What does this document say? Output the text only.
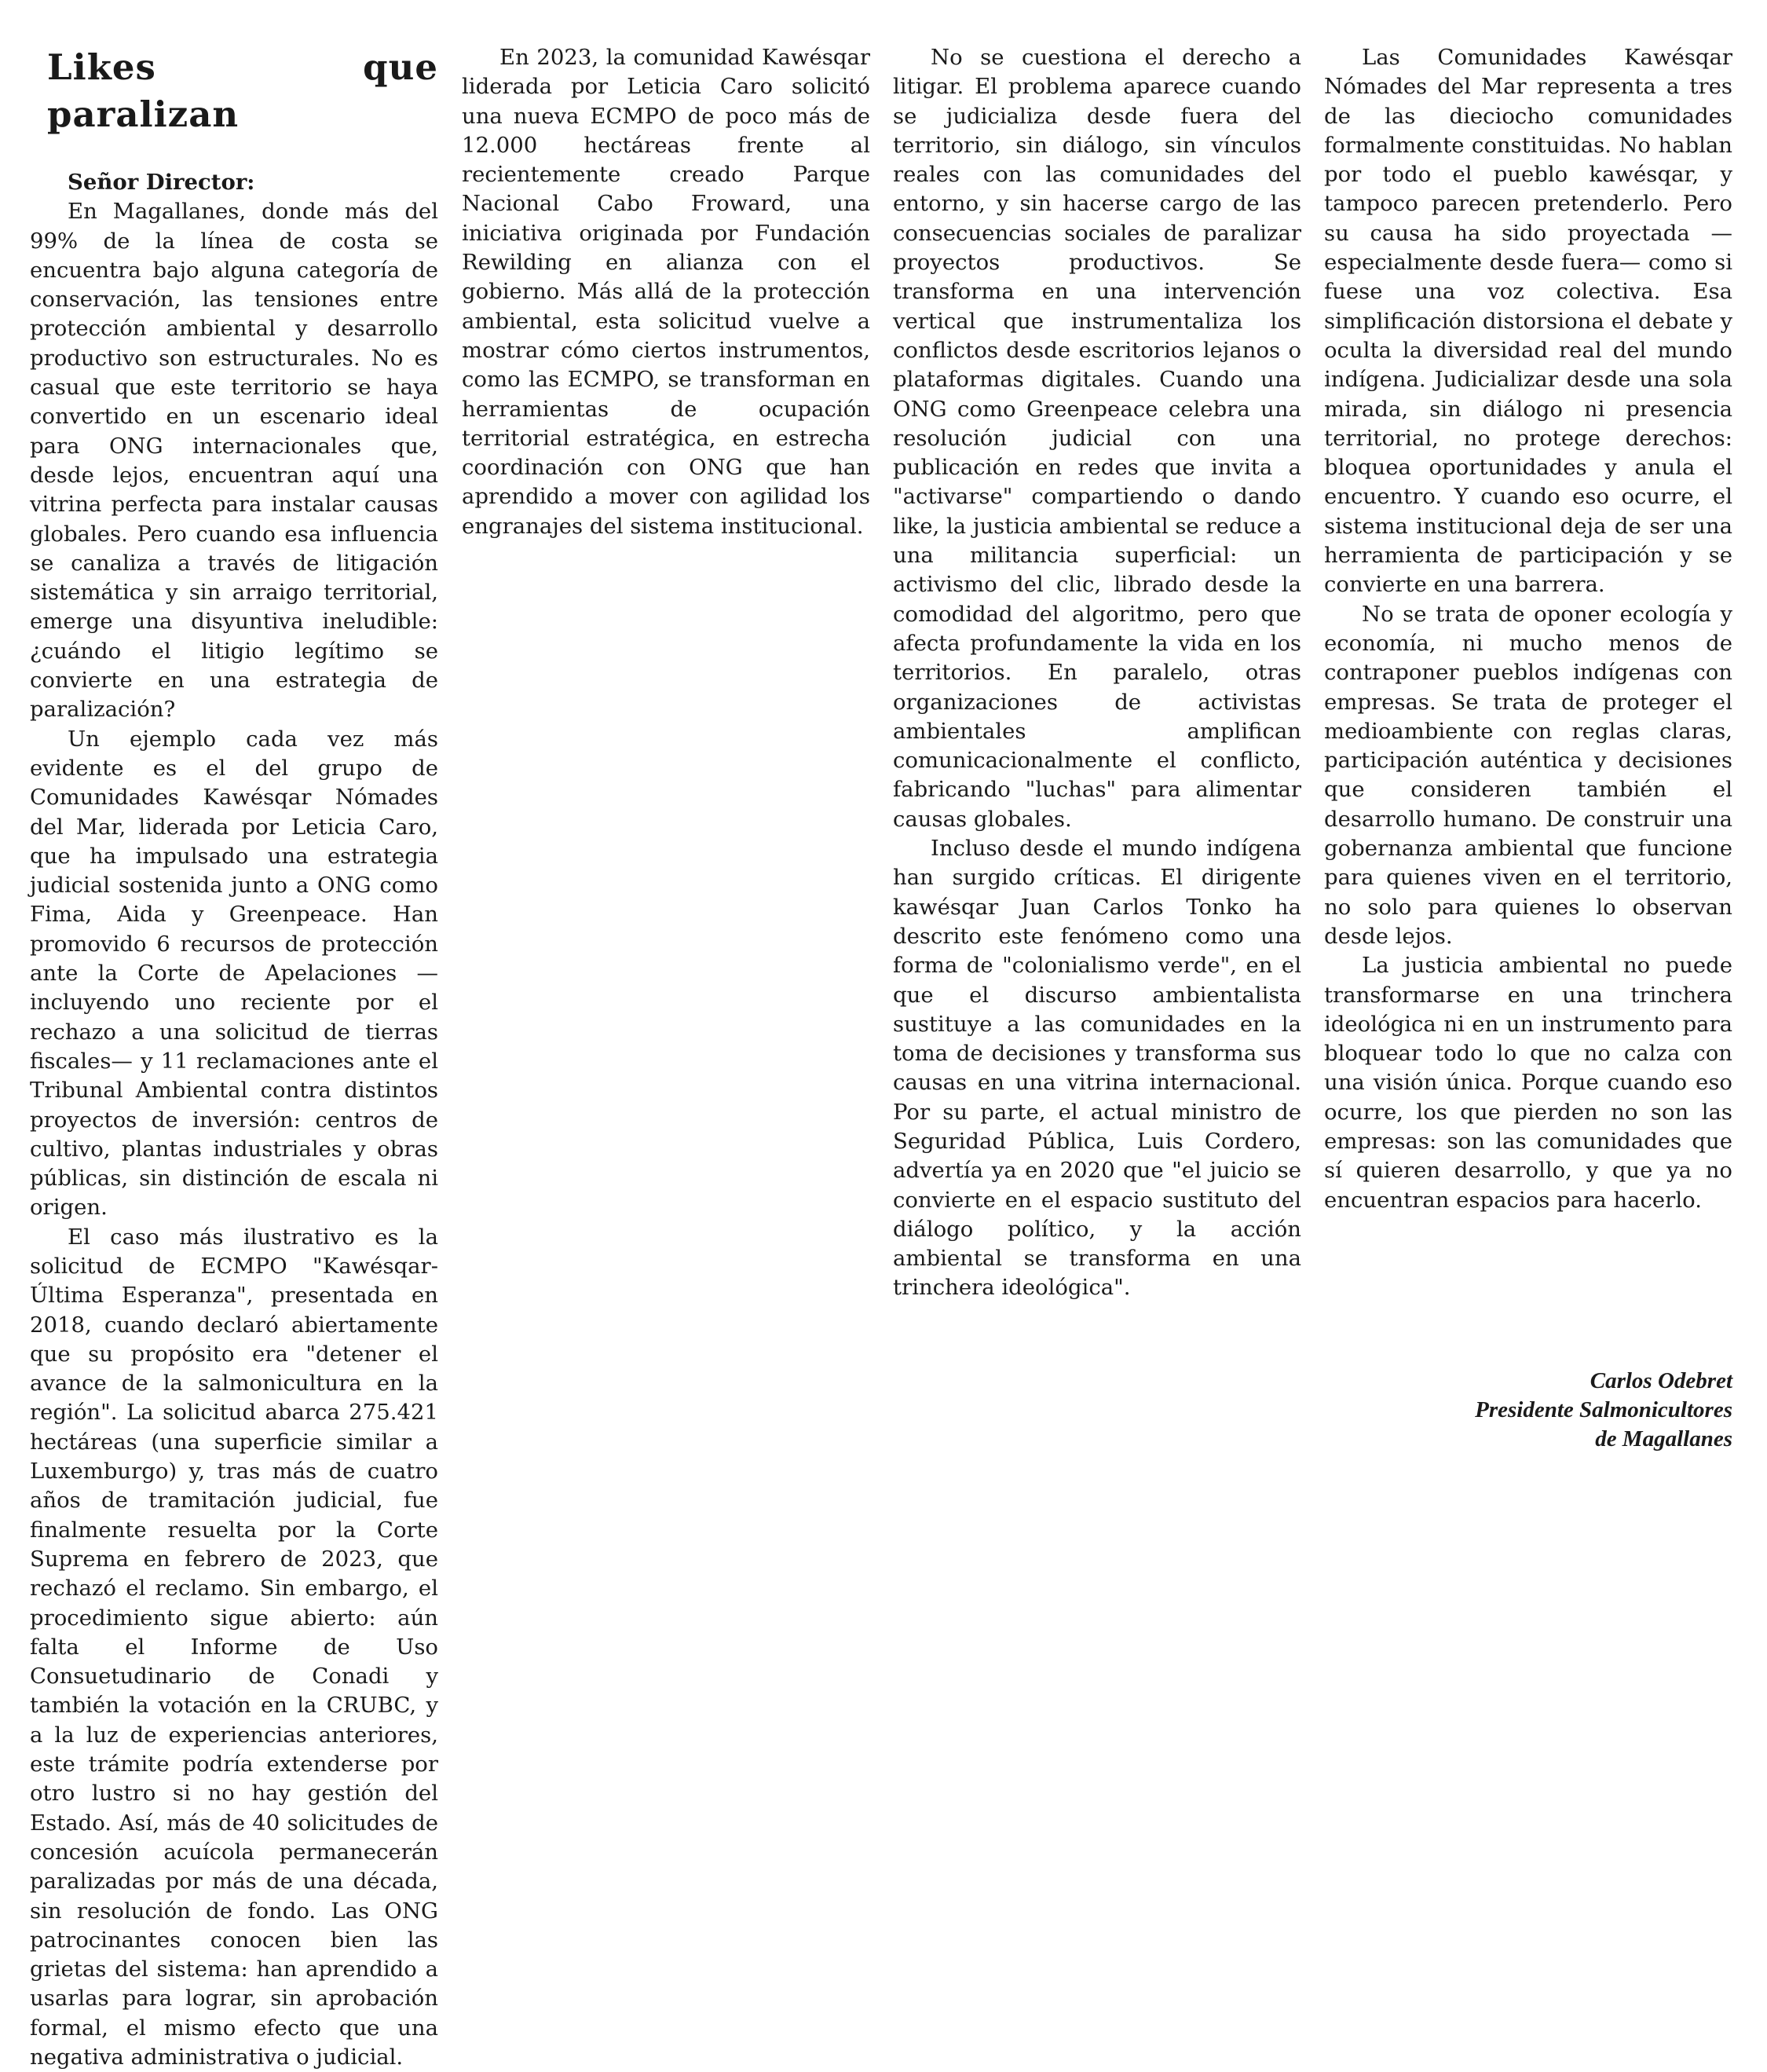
Likes que paralizan

Señor Director:

En Magallanes, donde más del 99% de la línea de costa se encuentra bajo alguna categoría de conservación, las tensiones entre protección ambiental y desarrollo productivo son estructurales. No es casual que este territorio se haya convertido en un escenario ideal para ONG internacionales que, desde lejos, encuentran aquí una vitrina perfecta para instalar causas globales. Pero cuando esa influencia se canaliza a través de litigación sistemática y sin arraigo territorial, emerge una disyuntiva ineludible: ¿cuándo el litigio legítimo se convierte en una estrategia de paralización?

Un ejemplo cada vez más evidente es el del grupo de Comunidades Kawésqar Nómades del Mar, liderada por Leticia Caro, que ha impulsado una estrategia judicial sostenida junto a ONG como Fima, Aida y Greenpeace. Han promovido 6 recursos de protección ante la Corte de Apelaciones —incluyendo uno reciente por el rechazo a una solicitud de tierras fiscales— y 11 reclamaciones ante el Tribunal Ambiental contra distintos proyectos de inversión: centros de cultivo, plantas industriales y obras públicas, sin distinción de escala ni origen.

El caso más ilustrativo es la solicitud de ECMPO "Kawésqar-Última Esperanza", presentada en 2018, cuando declaró abiertamente que su propósito era "detener el avance de la salmonicultura en la región". La solicitud abarca 275.421 hectáreas (una superficie similar a Luxemburgo) y, tras más de cuatro años de tramitación judicial, fue finalmente resuelta por la Corte Suprema en febrero de 2023, que rechazó el reclamo. Sin embargo, el procedimiento sigue abierto: aún falta el Informe de Uso Consuetudinario de Conadi y también la votación en la CRUBC, y a la luz de experiencias anteriores, este trámite podría extenderse por otro lustro si no hay gestión del Estado. Así, más de 40 solicitudes de concesión acuícola permanecerán paralizadas por más de una década, sin resolución de fondo. Las ONG patrocinantes conocen bien las grietas del sistema: han aprendido a usarlas para lograr, sin aprobación formal, el mismo efecto que una negativa administrativa o judicial.

En 2023, la comunidad Kawésqar liderada por Leticia Caro solicitó una nueva ECMPO de poco más de 12.000 hectáreas frente al recientemente creado Parque Nacional Cabo Froward, una iniciativa originada por Fundación Rewilding en alianza con el gobierno. Más allá de la protección ambiental, esta solicitud vuelve a mostrar cómo ciertos instrumentos, como las ECMPO, se transforman en herramientas de ocupación territorial estratégica, en estrecha coordinación con ONG que han aprendido a mover con agilidad los engranajes del sistema institucional.

No se cuestiona el derecho a litigar. El problema aparece cuando se judicializa desde fuera del territorio, sin diálogo, sin vínculos reales con las comunidades del entorno, y sin hacerse cargo de las consecuencias sociales de paralizar proyectos productivos. Se transforma en una intervención vertical que instrumentaliza los conflictos desde escritorios lejanos o plataformas digitales. Cuando una ONG como Greenpeace celebra una resolución judicial con una publicación en redes que invita a "activarse" compartiendo o dando like, la justicia ambiental se reduce a una militancia superficial: un activismo del clic, librado desde la comodidad del algoritmo, pero que afecta profundamente la vida en los territorios. En paralelo, otras organizaciones de activistas ambientales amplifican comunicacionalmente el conflicto, fabricando "luchas" para alimentar causas globales.

Incluso desde el mundo indígena han surgido críticas. El dirigente kawésqar Juan Carlos Tonko ha descrito este fenómeno como una forma de "colonialismo verde", en el que el discurso ambientalista sustituye a las comunidades en la toma de decisiones y transforma sus causas en una vitrina internacional. Por su parte, el actual ministro de Seguridad Pública, Luis Cordero, advertía ya en 2020 que "el juicio se convierte en el espacio sustituto del diálogo político, y la acción ambiental se transforma en una trinchera ideológica".

Las Comunidades Kawésqar Nómades del Mar representa a tres de las dieciocho comunidades formalmente constituidas. No hablan por todo el pueblo kawésqar, y tampoco parecen pretenderlo. Pero su causa ha sido proyectada —especialmente desde fuera— como si fuese una voz colectiva. Esa simplificación distorsiona el debate y oculta la diversidad real del mundo indígena. Judicializar desde una sola mirada, sin diálogo ni presencia territorial, no protege derechos: bloquea oportunidades y anula el encuentro. Y cuando eso ocurre, el sistema institucional deja de ser una herramienta de participación y se convierte en una barrera.

No se trata de oponer ecología y economía, ni mucho menos de contraponer pueblos indígenas con empresas. Se trata de proteger el medioambiente con reglas claras, participación auténtica y decisiones que consideren también el desarrollo humano. De construir una gobernanza ambiental que funcione para quienes viven en el territorio, no solo para quienes lo observan desde lejos.

La justicia ambiental no puede transformarse en una trinchera ideológica ni en un instrumento para bloquear todo lo que no calza con una visión única. Porque cuando eso ocurre, los que pierden no son las empresas: son las comunidades que sí quieren desarrollo, y que ya no encuentran espacios para hacerlo.

Carlos Odebret
Presidente Salmonicultores
de Magallanes
